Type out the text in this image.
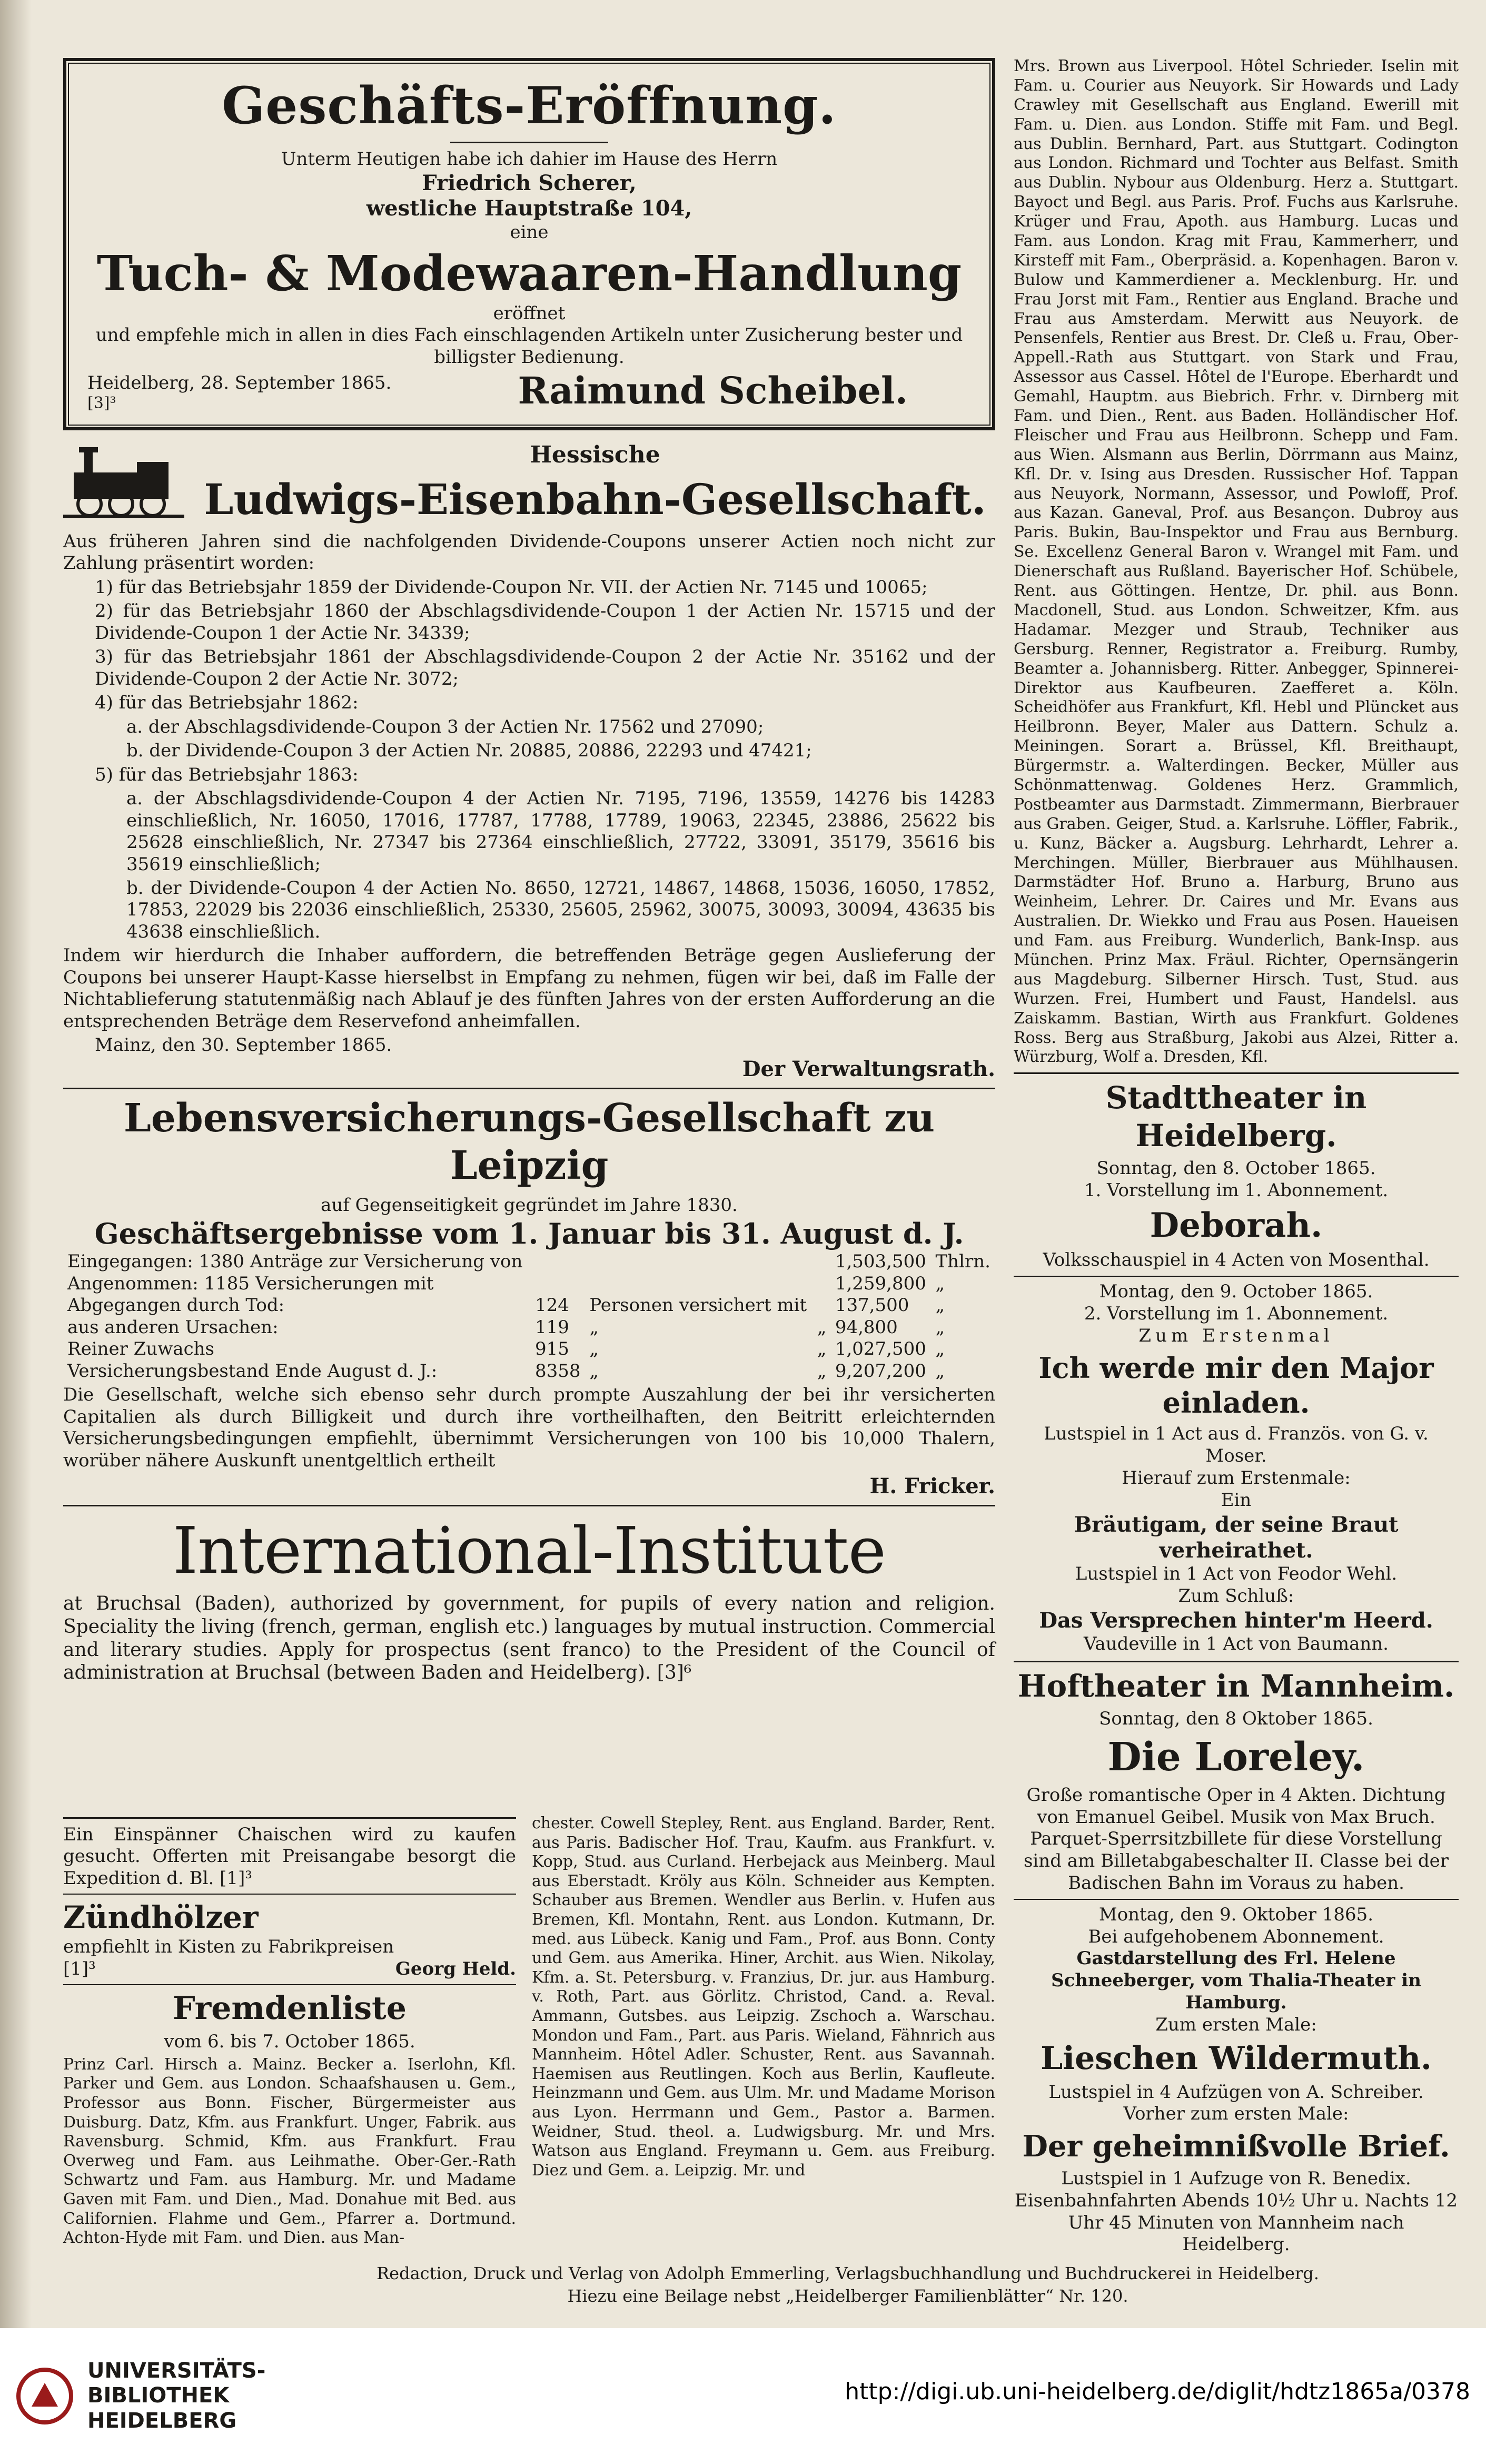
Geschäfts-Eröffnung.
Unterm Heutigen habe ich dahier im Hause des Herrn
Friedrich Scherer,
westliche Hauptstraße 104,
eine
Tuch- & Modewaaren-Handlung
eröffnet
und empfehle mich in allen in dies Fach einschlagenden Artikeln unter Zusicherung bester und billigster Bedienung.
Heidelberg, 28. September 1865.
[3]³	Raimund Scheibel.
Hessische
Ludwigs-Eisenbahn-Gesellschaft.
Aus früheren Jahren sind die nachfolgenden Dividende-Coupons unserer Actien noch nicht zur Zahlung präsentirt worden:
1) für das Betriebsjahr 1859 der Dividende-Coupon Nr. VII. der Actien Nr. 7145 und 10065;
2) für das Betriebsjahr 1860 der Abschlagsdividende-Coupon 1 der Actien Nr. 15715 und der Dividende-Coupon 1 der Actie Nr. 34339;
3) für das Betriebsjahr 1861 der Abschlagsdividende-Coupon 2 der Actie Nr. 35162 und der Dividende-Coupon 2 der Actie Nr. 3072;
4) für das Betriebsjahr 1862:
a. der Abschlagsdividende-Coupon 3 der Actien Nr. 17562 und 27090;
b. der Dividende-Coupon 3 der Actien Nr. 20885, 20886, 22293 und 47421;
5) für das Betriebsjahr 1863:
a. der Abschlagsdividende-Coupon 4 der Actien Nr. 7195, 7196, 13559, 14276 bis 14283 einschließlich, Nr. 16050, 17016, 17787, 17788, 17789, 19063, 22345, 23886, 25622 bis 25628 einschließlich, Nr. 27347 bis 27364 einschließlich, 27722, 33091, 35179, 35616 bis 35619 einschließlich;
b. der Dividende-Coupon 4 der Actien No. 8650, 12721, 14867, 14868, 15036, 16050, 17852, 17853, 22029 bis 22036 einschließlich, 25330, 25605, 25962, 30075, 30093, 30094, 43635 bis 43638 einschließlich.
Indem wir hierdurch die Inhaber auffordern, die betreffenden Beträge gegen Auslieferung der Coupons bei unserer Haupt-Kasse hierselbst in Empfang zu nehmen, fügen wir bei, daß im Falle der Nichtablieferung statutenmäßig nach Ablauf je des fünften Jahres von der ersten Aufforderung an die entsprechenden Beträge dem Reservefond anheimfallen.
Mainz, den 30. September 1865.
Der Verwaltungsrath.
Lebensversicherungs-Gesellschaft zu Leipzig
auf Gegenseitigkeit gegründet im Jahre 1830.
Geschäftsergebnisse vom 1. Januar bis 31. August d. J.
Eingegangen: 1380 Anträge zur Versicherung von				1,503,500	Thlrn.
Angenommen: 1185 Versicherungen mit				1,259,800	„
Abgegangen durch Tod:	124	Personen versichert mit		137,500	„
aus anderen Ursachen:	119	„	„	94,800	„
Reiner Zuwachs	915	„	„	1,027,500	„
Versicherungsbestand Ende August d. J.:	8358	„	„	9,207,200	„
Die Gesellschaft, welche sich ebenso sehr durch prompte Auszahlung der bei ihr versicherten Capitalien als durch Billigkeit und durch ihre vortheilhaften, den Beitritt erleichternden Versicherungsbedingungen empfiehlt, übernimmt Versicherungen von 100 bis 10,000 Thalern, worüber nähere Auskunft unentgeltlich ertheilt
H. Fricker.
International-Institute
at Bruchsal (Baden), authorized by government, for pupils of every nation and religion. Speciality the living (french, german, english etc.) languages by mutual instruction. Commercial and literary studies. Apply for prospectus (sent franco) to the President of the Council of administration at Bruchsal (between Baden and Heidelberg). [3]⁶
Ein Einspänner Chaischen wird zu kaufen gesucht. Offerten mit Preisangabe besorgt die Expedition d. Bl. [1]³
Zündhölzer
empfiehlt in Kisten zu Fabrikpreisen
[1]³	Georg Held.
Fremdenliste
vom 6. bis 7. October 1865.
Prinz Carl. Hirsch a. Mainz. Becker a. Iserlohn, Kfl. Parker und Gem. aus London. Schaafshausen u. Gem., Professor aus Bonn. Fischer, Bürgermeister aus Duisburg. Datz, Kfm. aus Frankfurt. Unger, Fabrik. aus Ravensburg. Schmid, Kfm. aus Frankfurt. Frau Overweg und Fam. aus Leihmathe. Ober-Ger.-Rath Schwartz und Fam. aus Hamburg. Mr. und Madame Gaven mit Fam. und Dien., Mad. Donahue mit Bed. aus Californien. Flahme und Gem., Pfarrer a. Dortmund. Achton-Hyde mit Fam. und Dien. aus Man-
chester. Cowell Stepley, Rent. aus England. Barder, Rent. aus Paris. Badischer Hof. Trau, Kaufm. aus Frankfurt. v. Kopp, Stud. aus Curland. Herbejack aus Meinberg. Maul aus Eberstadt. Kröly aus Köln. Schneider aus Kempten. Schauber aus Bremen. Wendler aus Berlin. v. Hufen aus Bremen, Kfl. Montahn, Rent. aus London. Kutmann, Dr. med. aus Lübeck. Kanig und Fam., Prof. aus Bonn. Conty und Gem. aus Amerika. Hiner, Archit. aus Wien. Nikolay, Kfm. a. St. Petersburg. v. Franzius, Dr. jur. aus Hamburg. v. Roth, Part. aus Görlitz. Christod, Cand. a. Reval. Ammann, Gutsbes. aus Leipzig. Zschoch a. Warschau. Mondon und Fam., Part. aus Paris. Wieland, Fähnrich aus Mannheim. Hôtel Adler. Schuster, Rent. aus Savannah. Haemisen aus Reutlingen. Koch aus Berlin, Kaufleute. Heinzmann und Gem. aus Ulm. Mr. und Madame Morison aus Lyon. Herrmann und Gem., Pastor a. Barmen. Weidner, Stud. theol. a. Ludwigsburg. Mr. und Mrs. Watson aus England. Freymann u. Gem. aus Freiburg. Diez und Gem. a. Leipzig. Mr. und
Mrs. Brown aus Liverpool. Hôtel Schrieder. Iselin mit Fam. u. Courier aus Neuyork. Sir Howards und Lady Crawley mit Gesellschaft aus England. Ewerill mit Fam. u. Dien. aus London. Stiffe mit Fam. und Begl. aus Dublin. Bernhard, Part. aus Stuttgart. Codington aus London. Richmard und Tochter aus Belfast. Smith aus Dublin. Nybour aus Oldenburg. Herz a. Stuttgart. Bayoct und Begl. aus Paris. Prof. Fuchs aus Karlsruhe. Krüger und Frau, Apoth. aus Hamburg. Lucas und Fam. aus London. Krag mit Frau, Kammerherr, und Kirsteff mit Fam., Oberpräsid. a. Kopenhagen. Baron v. Bulow und Kammerdiener a. Mecklenburg. Hr. und Frau Jorst mit Fam., Rentier aus England. Brache und Frau aus Amsterdam. Merwitt aus Neuyork. de Pensenfels, Rentier aus Brest. Dr. Cleß u. Frau, Ober-Appell.-Rath aus Stuttgart. von Stark und Frau, Assessor aus Cassel. Hôtel de l'Europe. Eberhardt und Gemahl, Hauptm. aus Biebrich. Frhr. v. Dirnberg mit Fam. und Dien., Rent. aus Baden. Holländischer Hof. Fleischer und Frau aus Heilbronn. Schepp und Fam. aus Wien. Alsmann aus Berlin, Dörrmann aus Mainz, Kfl. Dr. v. Ising aus Dresden. Russischer Hof. Tappan aus Neuyork, Normann, Assessor, und Powloff, Prof. aus Kazan. Ganeval, Prof. aus Besançon. Dubroy aus Paris. Bukin, Bau-Inspektor und Frau aus Bernburg. Se. Excellenz General Baron v. Wrangel mit Fam. und Dienerschaft aus Rußland. Bayerischer Hof. Schübele, Rent. aus Göttingen. Hentze, Dr. phil. aus Bonn. Macdonell, Stud. aus London. Schweitzer, Kfm. aus Hadamar. Mezger und Straub, Techniker aus Gersburg. Renner, Registrator a. Freiburg. Rumby, Beamter a. Johannisberg. Ritter. Anbegger, Spinnerei-Direktor aus Kaufbeuren. Zaefferet a. Köln. Scheidhöfer aus Frankfurt, Kfl. Hebl und Plüncket aus Heilbronn. Beyer, Maler aus Dattern. Schulz a. Meiningen. Sorart a. Brüssel, Kfl. Breithaupt, Bürgermstr. a. Walterdingen. Becker, Müller aus Schönmattenwag. Goldenes Herz. Grammlich, Postbeamter aus Darmstadt. Zimmermann, Bierbrauer aus Graben. Geiger, Stud. a. Karlsruhe. Löffler, Fabrik., u. Kunz, Bäcker a. Augsburg. Lehrhardt, Lehrer a. Merchingen. Müller, Bierbrauer aus Mühlhausen. Darmstädter Hof. Bruno a. Harburg, Bruno aus Weinheim, Lehrer. Dr. Caires und Mr. Evans aus Australien. Dr. Wiekko und Frau aus Posen. Haueisen und Fam. aus Freiburg. Wunderlich, Bank-Insp. aus München. Prinz Max. Fräul. Richter, Opernsängerin aus Magdeburg. Silberner Hirsch. Tust, Stud. aus Wurzen. Frei, Humbert und Faust, Handelsl. aus Zaiskamm. Bastian, Wirth aus Frankfurt. Goldenes Ross. Berg aus Straßburg, Jakobi aus Alzei, Ritter a. Würzburg, Wolf a. Dresden, Kfl.
Stadttheater in Heidelberg.
Sonntag, den 8. October 1865.
1. Vorstellung im 1. Abonnement.
Deborah.
Volksschauspiel in 4 Acten von Mosenthal.
Montag, den 9. October 1865.
2. Vorstellung im 1. Abonnement.
Zum Erstenmal
Ich werde mir den Major einladen.
Lustspiel in 1 Act aus d. Französ. von G. v. Moser.
Hierauf zum Erstenmale:
Ein
Bräutigam, der seine Braut verheirathet.
Lustspiel in 1 Act von Feodor Wehl.
Zum Schluß:
Das Versprechen hinter'm Heerd.
Vaudeville in 1 Act von Baumann.
Hoftheater in Mannheim.
Sonntag, den 8 Oktober 1865.
Die Loreley.
Große romantische Oper in 4 Akten. Dichtung von Emanuel Geibel. Musik von Max Bruch.
Parquet-Sperrsitzbillete für diese Vorstellung sind am Billetabgabeschalter II. Classe bei der Badischen Bahn im Voraus zu haben.
Montag, den 9. Oktober 1865.
Bei aufgehobenem Abonnement.
Gastdarstellung des Frl. Helene Schneeberger, vom Thalia-Theater in Hamburg.
Zum ersten Male:
Lieschen Wildermuth.
Lustspiel in 4 Aufzügen von A. Schreiber.
Vorher zum ersten Male:
Der geheimnißvolle Brief.
Lustspiel in 1 Aufzuge von R. Benedix.
Eisenbahnfahrten Abends 10½ Uhr u. Nachts 12 Uhr 45 Minuten von Mannheim nach Heidelberg.
Redaction, Druck und Verlag von Adolph Emmerling, Verlagsbuchhandlung und Buchdruckerei in Heidelberg.
Hiezu eine Beilage nebst „Heidelberger Familienblätter“ Nr. 120.
UNIVERSITÄTS-
BIBLIOTHEK
HEIDELBERG
http://digi.ub.uni-heidelberg.de/diglit/hdtz1865a/0378
